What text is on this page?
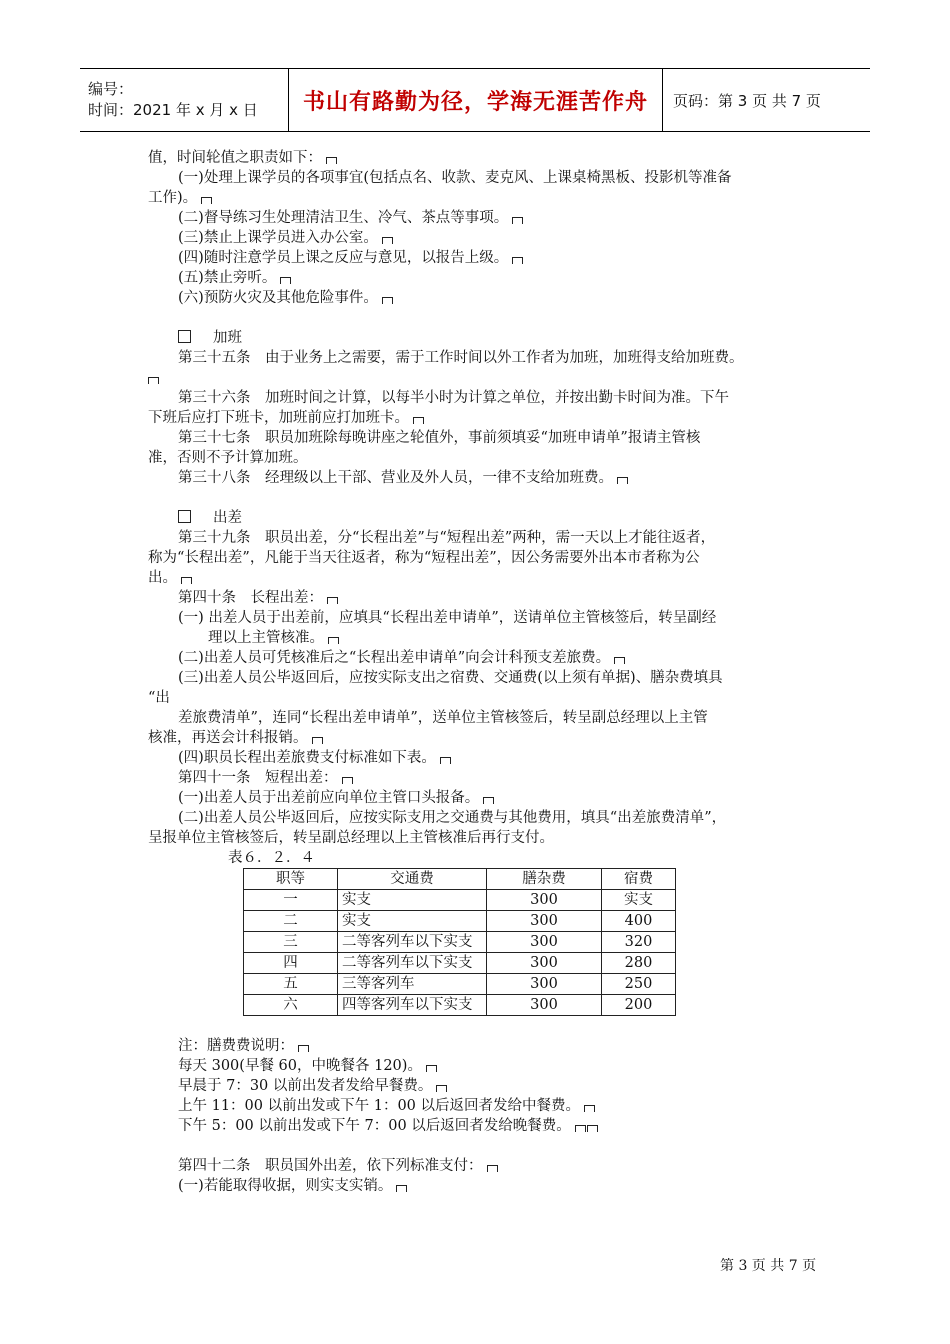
编号：
时间：2021 年 x 月 x 日	书山有路勤为径，学海无涯苦作舟	页码：第 3 页 共 7 页
值，时间轮值之职责如下：
(一)处理上课学员的各项事宜(包括点名、收款、麦克风、上课桌椅黑板、投影机等准备
工作)。
(二)督导练习生处理清洁卫生、冷气、茶点等事项。
(三)禁止上课学员进入办公室。
(四)随时注意学员上课之反应与意见，以报告上级。
(五)禁止旁听。
(六)预防火灾及其他危险事件。
加班
第三十五条　由于业务上之需要，需于工作时间以外工作者为加班，加班得支给加班费。
第三十六条　加班时间之计算，以每半小时为计算之单位，并按出勤卡时间为准。下午
下班后应打下班卡，加班前应打加班卡。
第三十七条　职员加班除每晚讲座之轮值外，事前须填妥“加班申请单”报请主管核
准，否则不予计算加班。
第三十八条　经理级以上干部、营业及外人员，一律不支给加班费。
出差
第三十九条　职员出差，分“长程出差”与“短程出差”两种，需一天以上才能往返者，
称为“长程出差”，凡能于当天往返者，称为“短程出差”，因公务需要外出本市者称为公
出。
第四十条　长程出差：
(一) 出差人员于出差前，应填具“长程出差申请单”，送请单位主管核签后，转呈副经
理以上主管核准。
(二)出差人员可凭核准后之“长程出差申请单”向会计科预支差旅费。
(三)出差人员公毕返回后，应按实际支出之宿费、交通费(以上须有单据)、膳杂费填具
“出
差旅费清单”，连同“长程出差申请单”，送单位主管核签后，转呈副总经理以上主管
核准，再送会计科报销。
(四)职员长程出差旅费支付标准如下表。
第四十一条　短程出差：
(一)出差人员于出差前应向单位主管口头报备。
(二)出差人员公毕返回后，应按实际支用之交通费与其他费用，填具“出差旅费清单”，
呈报单位主管核签后，转呈副总经理以上主管核准后再行支付。
表６．２．４
职等	交通费	膳杂费	宿费
一	实支	300	实支
二	实支	300	400
三	二等客列车以下实支	300	320
四	二等客列车以下实支	300	280
五	三等客列车	300	250
六	四等客列车以下实支	300	200
注：膳费费说明：
每天 300(早餐 60，中晚餐各 120)。
早晨于 7：30 以前出发者发给早餐费。
上午 11：00 以前出发或下午 1：00 以后返回者发给中餐费。
下午 5：00 以前出发或下午 7：00 以后返回者发给晚餐费。
第四十二条　职员国外出差，依下列标准支付：
(一)若能取得收据，则实支实销。
第 3 页 共 7 页
